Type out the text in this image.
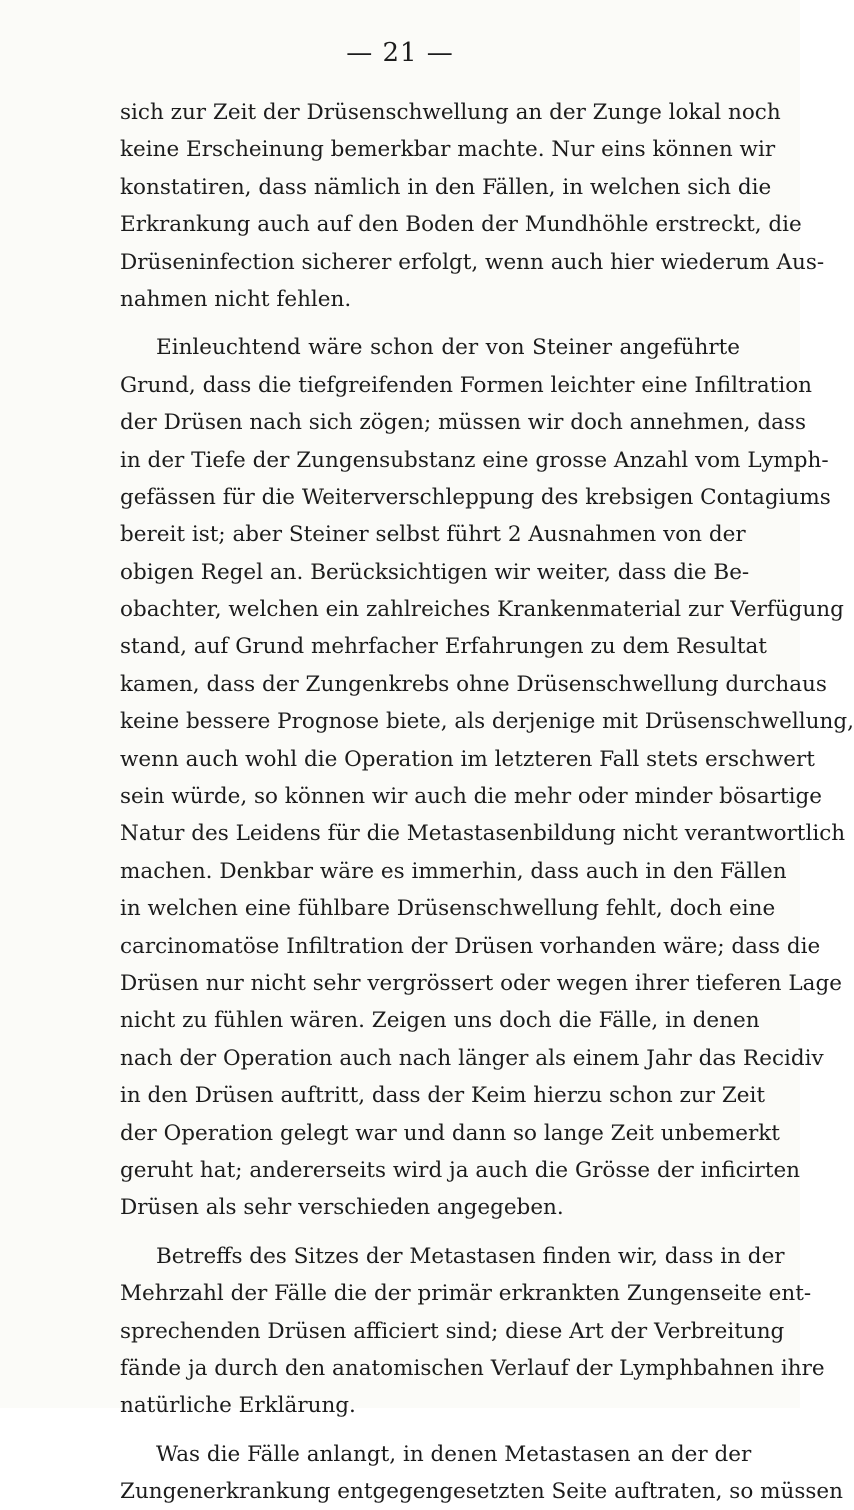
— 21 —
sich zur Zeit der Drüsenschwellung an der Zunge lokal noch
keine Erscheinung bemerkbar machte. Nur eins können wir
konstatiren, dass nämlich in den Fällen, in welchen sich die
Erkrankung auch auf den Boden der Mundhöhle erstreckt, die
Drüseninfection sicherer erfolgt, wenn auch hier wiederum Aus-
nahmen nicht fehlen.
Einleuchtend wäre schon der von Steiner angeführte
Grund, dass die tiefgreifenden Formen leichter eine Infiltration
der Drüsen nach sich zögen; müssen wir doch annehmen, dass
in der Tiefe der Zungensubstanz eine grosse Anzahl vom Lymph-
gefässen für die Weiterverschleppung des krebsigen Contagiums
bereit ist; aber Steiner selbst führt 2 Ausnahmen von der
obigen Regel an. Berücksichtigen wir weiter, dass die Be-
obachter, welchen ein zahlreiches Krankenmaterial zur Verfügung
stand, auf Grund mehrfacher Erfahrungen zu dem Resultat
kamen, dass der Zungenkrebs ohne Drüsenschwellung durchaus
keine bessere Prognose biete, als derjenige mit Drüsenschwellung,
wenn auch wohl die Operation im letzteren Fall stets erschwert
sein würde, so können wir auch die mehr oder minder bösartige
Natur des Leidens für die Metastasenbildung nicht verantwortlich
machen. Denkbar wäre es immerhin, dass auch in den Fällen
in welchen eine fühlbare Drüsenschwellung fehlt, doch eine
carcinomatöse Infiltration der Drüsen vorhanden wäre; dass die
Drüsen nur nicht sehr vergrössert oder wegen ihrer tieferen Lage
nicht zu fühlen wären. Zeigen uns doch die Fälle, in denen
nach der Operation auch nach länger als einem Jahr das Recidiv
in den Drüsen auftritt, dass der Keim hierzu schon zur Zeit
der Operation gelegt war und dann so lange Zeit unbemerkt
geruht hat; andererseits wird ja auch die Grösse der inficirten
Drüsen als sehr verschieden angegeben.
Betreffs des Sitzes der Metastasen finden wir, dass in der
Mehrzahl der Fälle die der primär erkrankten Zungenseite ent-
sprechenden Drüsen afficiert sind; diese Art der Verbreitung
fände ja durch den anatomischen Verlauf der Lymphbahnen ihre
natürliche Erklärung.
Was die Fälle anlangt, in denen Metastasen an der der
Zungenerkrankung entgegengesetzten Seite auftraten, so müssen
